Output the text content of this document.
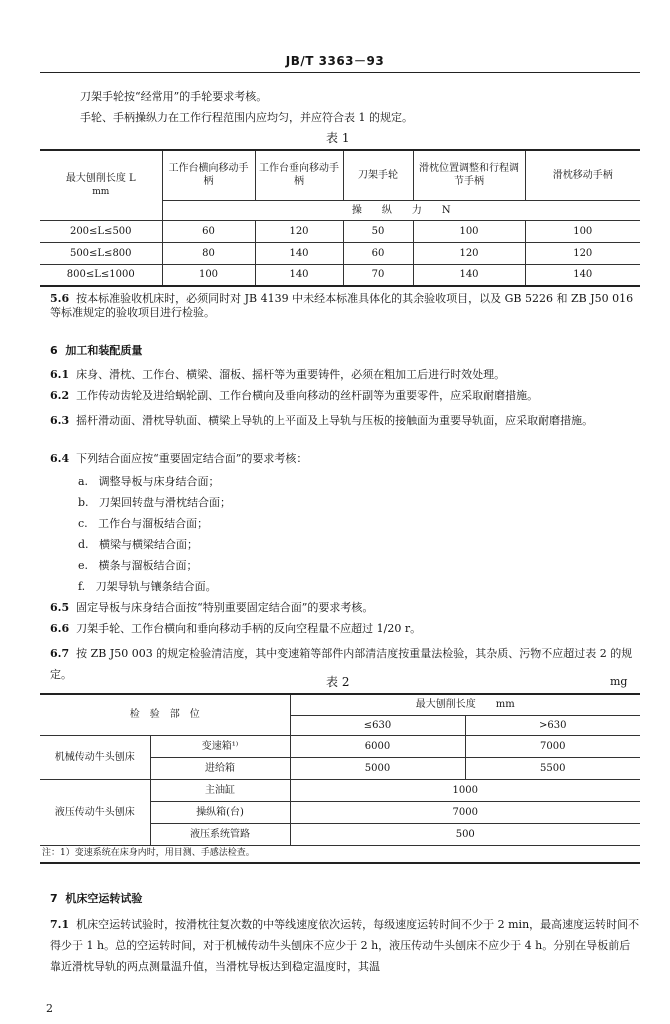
JB/T 3363－93
刀架手轮按“经常用”的手轮要求考核。
手轮、手柄操纵力在工作行程范围内应均匀，并应符合表 1 的规定。
表 1
最大刨削长度 L
mm	工作台横向移动手柄	工作台垂向移动手柄	刀架手轮	滑枕位置调整和行程调节手柄	滑枕移动手柄
	操　　纵　　力　　N				
200≤L≤500	60	120	50	100	100
500≤L≤800	80	140	60	120	120
800≤L≤1000	100	140	70	140	140
5.6 按本标准验收机床时，必须同时对 JB 4139 中未经本标准具体化的其余验收项目，以及 GB 5226 和 ZB J50 016 等标准规定的验收项目进行检验。
6 加工和装配质量
6.1 床身、滑枕、工作台、横梁、溜板、摇杆等为重要铸件，必须在粗加工后进行时效处理。
6.2 工作传动齿轮及进给蜗轮副、工作台横向及垂向移动的丝杆副等为重要零件，应采取耐磨措施。
6.3 摇杆滑动面、滑枕导轨面、横梁上导轨的上平面及上导轨与压板的接触面为重要导轨面，应采取耐磨措施。
6.4 下列结合面应按“重要固定结合面”的要求考核：
a. 调整导板与床身结合面；
b. 刀架回转盘与滑枕结合面；
c. 工作台与溜板结合面；
d. 横梁与横梁结合面；
e. 横条与溜板结合面；
f. 刀架导轨与镶条结合面。
6.5 固定导板与床身结合面按“特别重要固定结合面”的要求考核。
6.6 刀架手轮、工作台横向和垂向移动手柄的反向空程量不应超过 1/20 r。
6.7 按 ZB J50 003 的规定检验清洁度，其中变速箱等部件内部清洁度按重量法检验，其杂质、污物不应超过表 2 的规定。
表 2	mg
检　验　部　位		最大刨削长度　　mm	
		≤630	>630
机械传动牛头刨床	变速箱¹⁾	6000	7000
	进给箱	5000	5500
液压传动牛头刨床	主油缸	1000	
	操纵箱(台)	7000	
	液压系统管路	500	
注：1）变速系统在床身内时，用目测、手感法检查。			
7 机床空运转试验
7.1 机床空运转试验时，按滑枕往复次数的中等线速度依次运转，每级速度运转时间不少于 2 min，最高速度运转时间不得少于 1 h。总的空运转时间，对于机械传动牛头刨床不应少于 2 h，液压传动牛头刨床不应少于 4 h。分别在导板前后靠近滑枕导轨的两点测量温升值，当滑枕导板达到稳定温度时，其温
2
